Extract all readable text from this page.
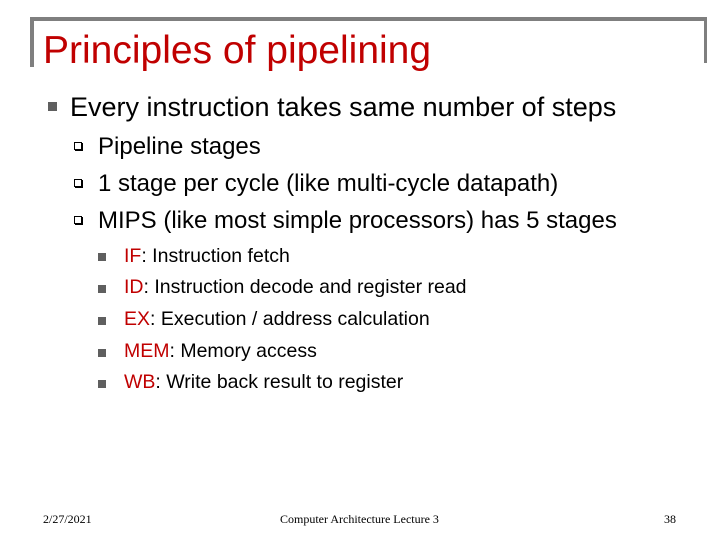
Principles of pipelining
Every instruction takes same number of steps
Pipeline stages
1 stage per cycle (like multi-cycle datapath)
MIPS (like most simple processors) has 5 stages
IF: Instruction fetch
ID: Instruction decode and register read
EX: Execution / address calculation
MEM: Memory access
WB: Write back result to register
2/27/2021	Computer Architecture Lecture 3	38
